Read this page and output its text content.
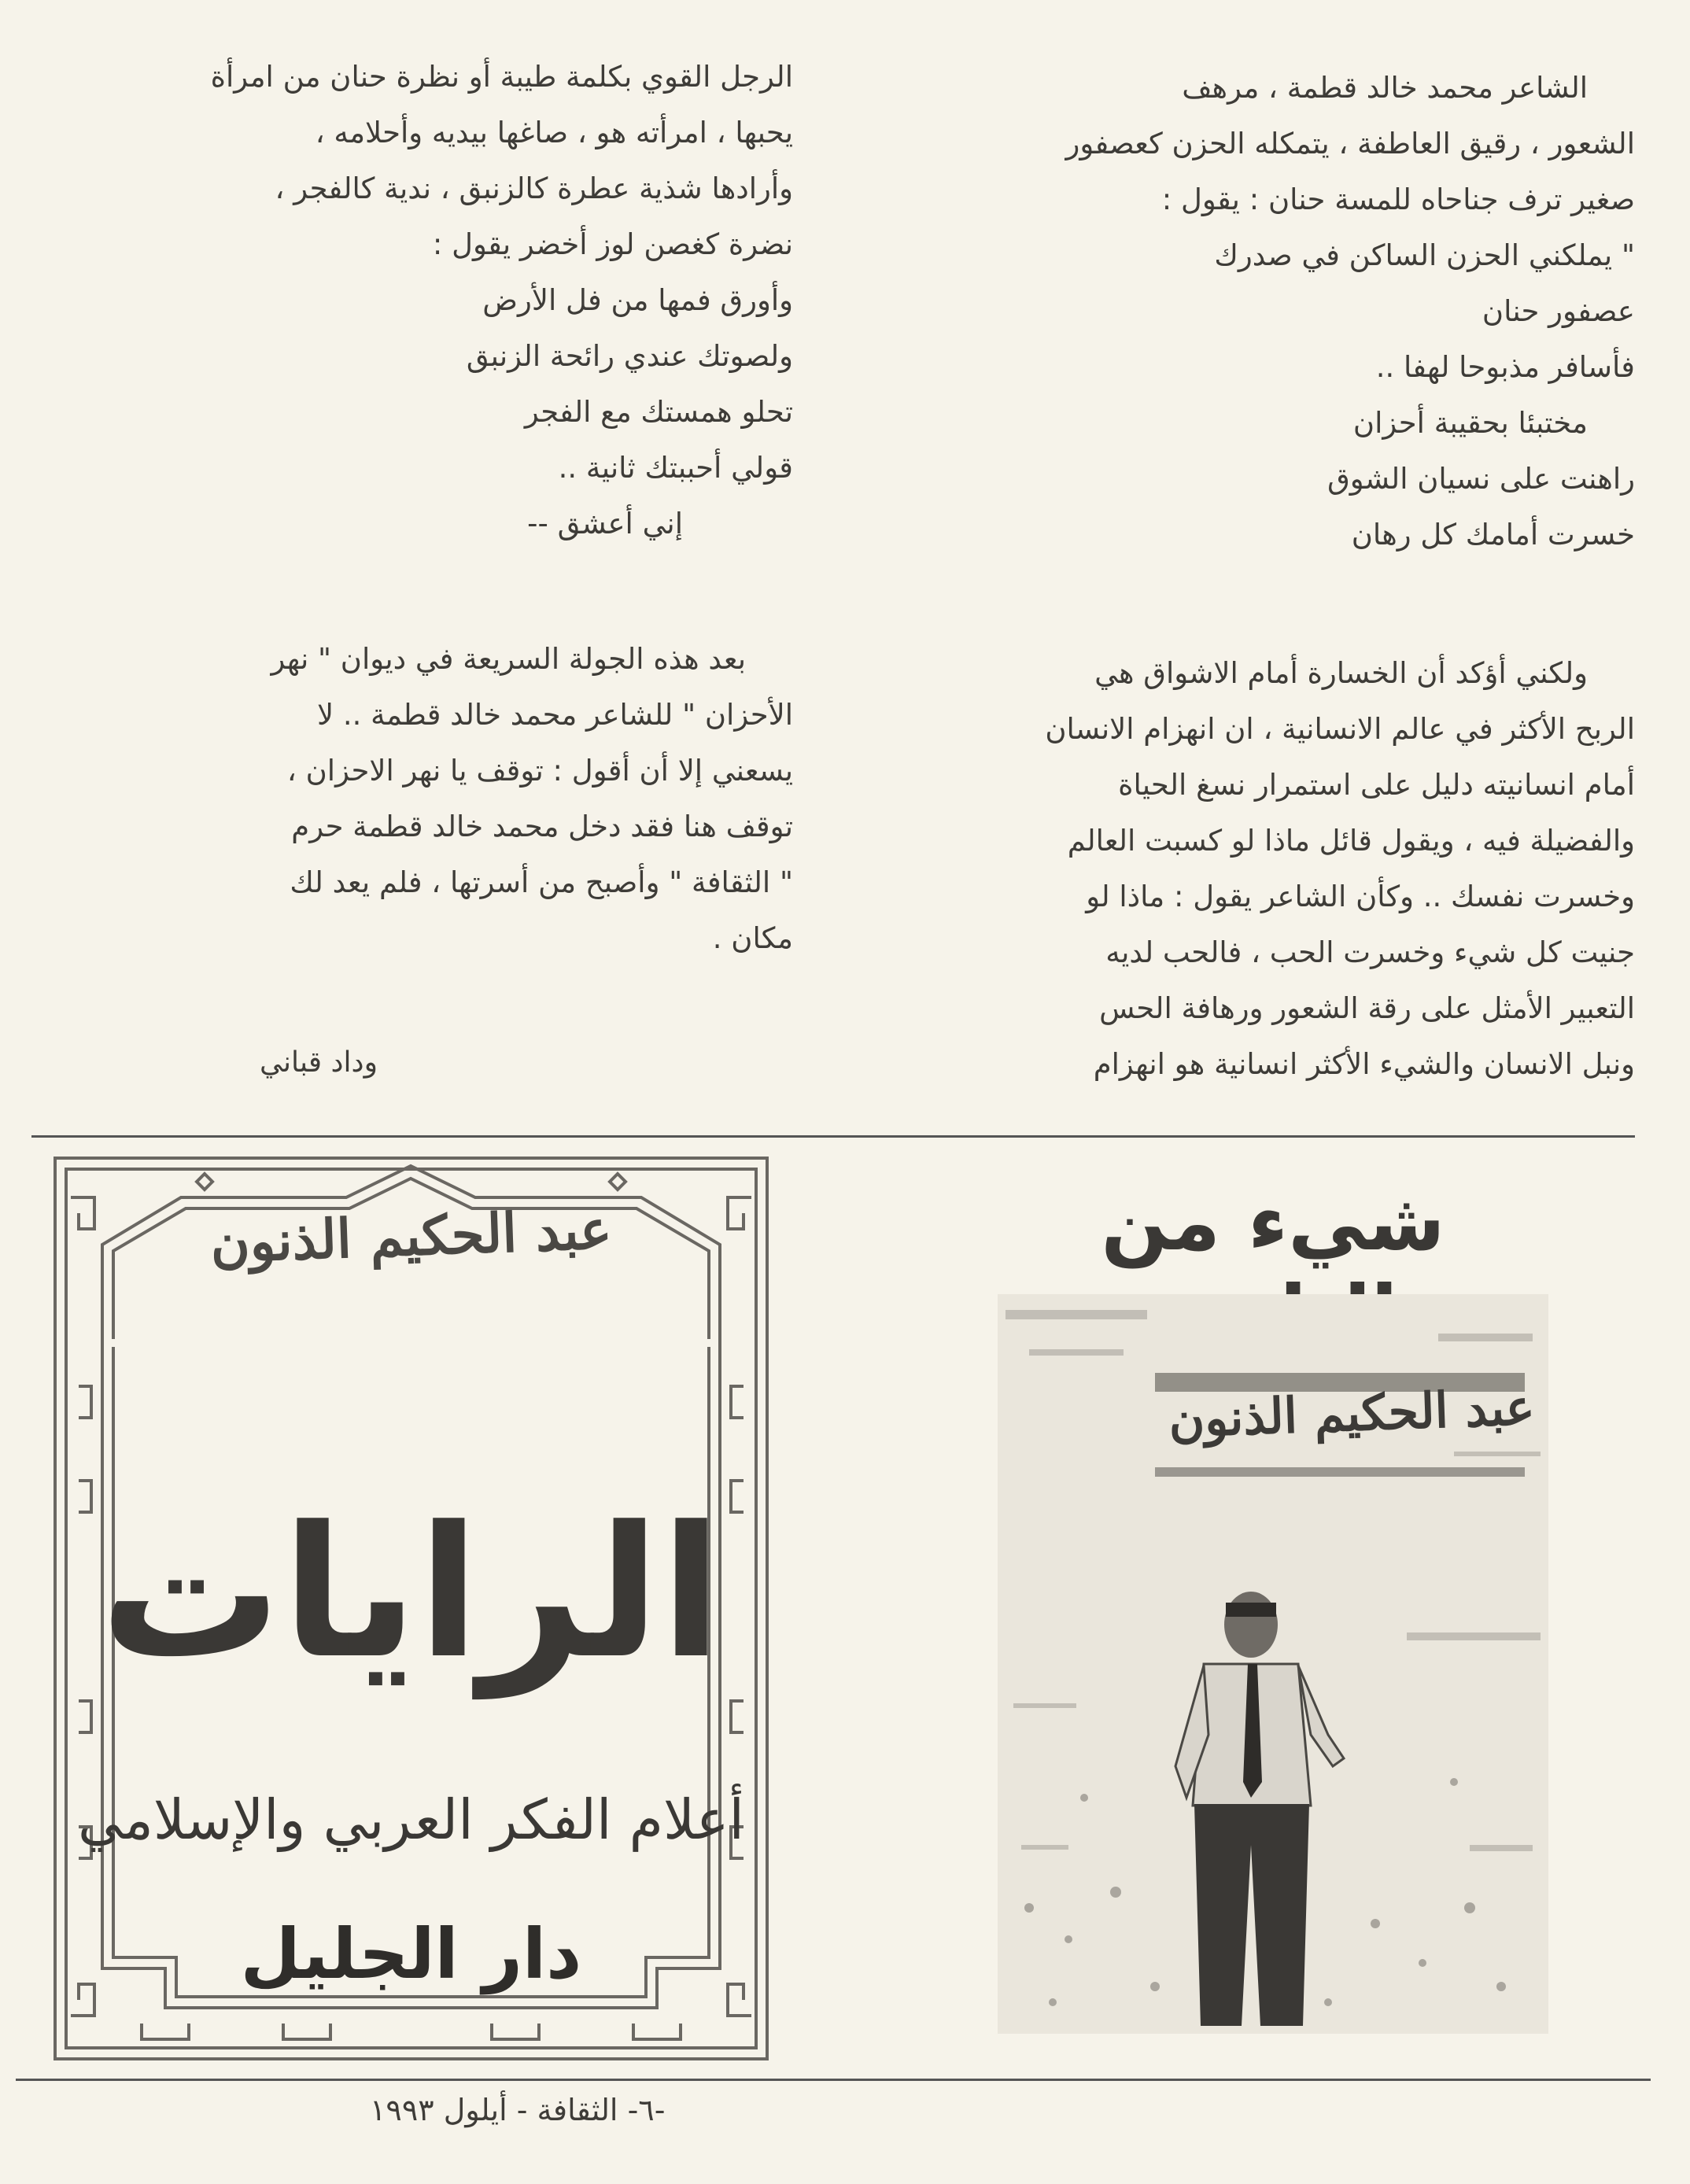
الشاعر محمد خالد قطمة ، مرهف

الشعور ، رقيق العاطفة ، يتمكله الحزن كعصفور

صغير ترف جناحاه للمسة حنان : يقول :

" يملكني الحزن الساكن في صدرك

عصفور حنان

فأسافر مذبوحا لهفا ..

مختبئا بحقيبة أحزان

راهنت على نسيان الشوق

خسرت أمامك كل رهان

ولكني أؤكد أن الخسارة أمام الاشواق هي

الربح الأكثر في عالم الانسانية ، ان انهزام الانسان

أمام انسانيته دليل على استمرار نسغ الحياة

والفضيلة فيه ، ويقول قائل ماذا لو كسبت العالم

وخسرت نفسك .. وكأن الشاعر يقول : ماذا لو

جنيت كل شيء وخسرت الحب ، فالحب لديه

التعبير الأمثل على رقة الشعور ورهافة الحس

ونبل الانسان والشيء الأكثر انسانية هو انهزام

الرجل القوي بكلمة طيبة أو نظرة حنان من امرأة

يحبها ، امرأته هو ، صاغها بيديه وأحلامه ،

وأرادها شذية عطرة كالزنبق ، ندية كالفجر ،

نضرة كغصن لوز أخضر يقول :

وأورق فمها من فل الأرض

ولصوتك عندي رائحة الزنبق

تحلو همستك مع الفجر

قولي أحببتك ثانية ..

إني أعشق --

بعد هذه الجولة السريعة في ديوان " نهر

الأحزان " للشاعر محمد خالد قطمة .. لا

يسعني إلا أن أقول : توقف يا نهر الاحزان ،

توقف هنا فقد دخل محمد خالد قطمة حرم

" الثقافة " وأصبح من أسرتها ، فلم يعد لك

مكان .

وداد قباني
عبد الحكيم الذنون
الرايات
أعلام الفكر العربي والإسلامي
دار الجليل
شيء من
عبد الحكيم الذنون
-٦- الثقافة - أيلول ١٩٩٣
